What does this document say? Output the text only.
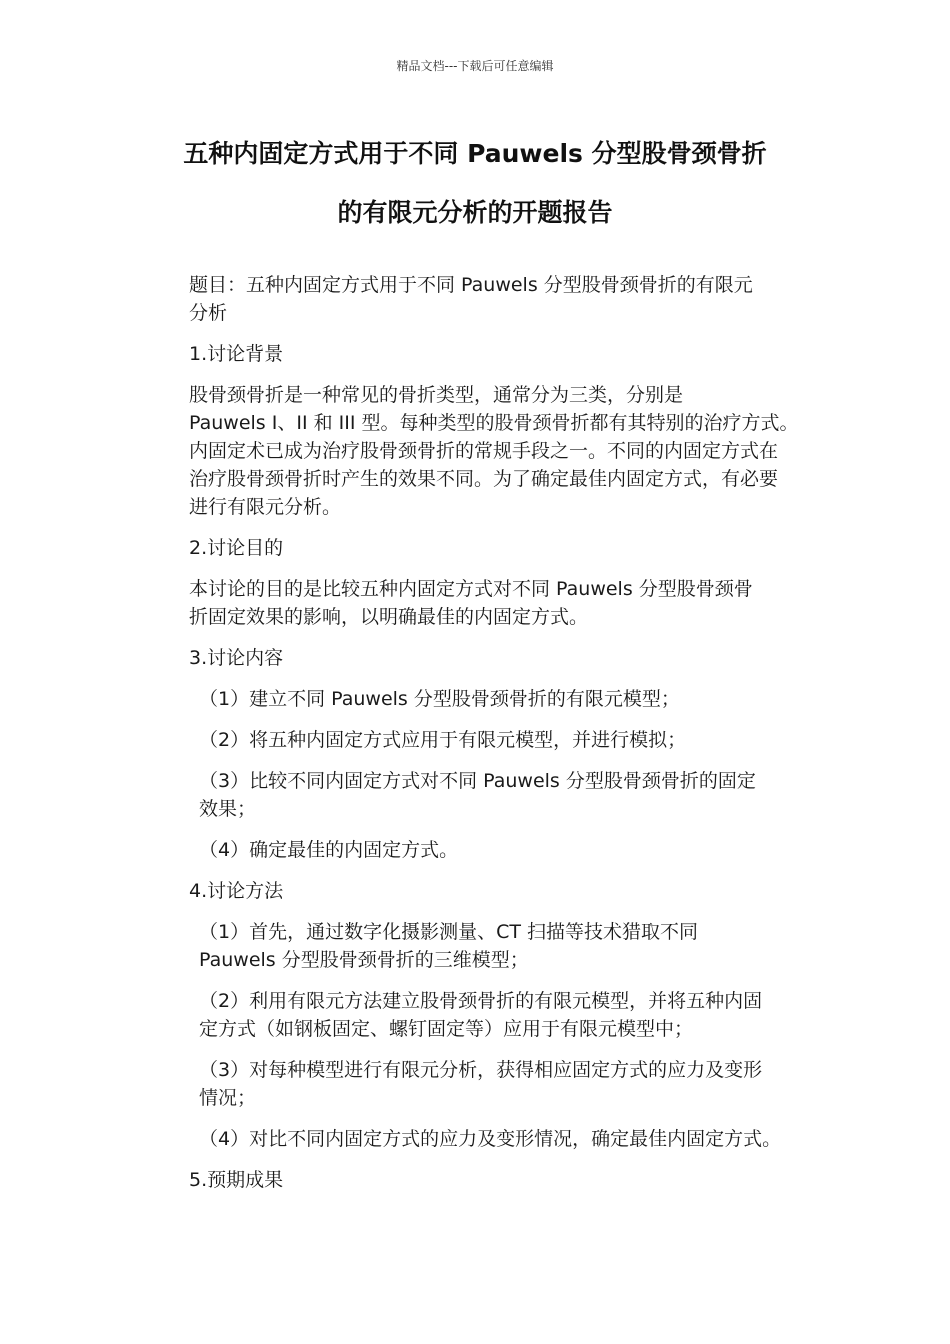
精品文档---下载后可任意编辑
五种内固定方式用于不同 Pauwels 分型股骨颈骨折
的有限元分析的开题报告
题目：五种内固定方式用于不同 Pauwels 分型股骨颈骨折的有限元
分析
1.讨论背景
股骨颈骨折是一种常见的骨折类型，通常分为三类，分别是
Pauwels I、II 和 III 型。每种类型的股骨颈骨折都有其特别的治疗方式。
内固定术已成为治疗股骨颈骨折的常规手段之一。不同的内固定方式在
治疗股骨颈骨折时产生的效果不同。为了确定最佳内固定方式，有必要
进行有限元分析。
2.讨论目的
本讨论的目的是比较五种内固定方式对不同 Pauwels 分型股骨颈骨
折固定效果的影响，以明确最佳的内固定方式。
3.讨论内容
（1）建立不同 Pauwels 分型股骨颈骨折的有限元模型；
（2）将五种内固定方式应用于有限元模型，并进行模拟；
（3）比较不同内固定方式对不同 Pauwels 分型股骨颈骨折的固定
效果；
（4）确定最佳的内固定方式。
4.讨论方法
（1）首先，通过数字化摄影测量、CT 扫描等技术猎取不同
Pauwels 分型股骨颈骨折的三维模型；
（2）利用有限元方法建立股骨颈骨折的有限元模型，并将五种内固
定方式（如钢板固定、螺钉固定等）应用于有限元模型中；
（3）对每种模型进行有限元分析，获得相应固定方式的应力及变形
情况；
（4）对比不同内固定方式的应力及变形情况，确定最佳内固定方式。
5.预期成果
